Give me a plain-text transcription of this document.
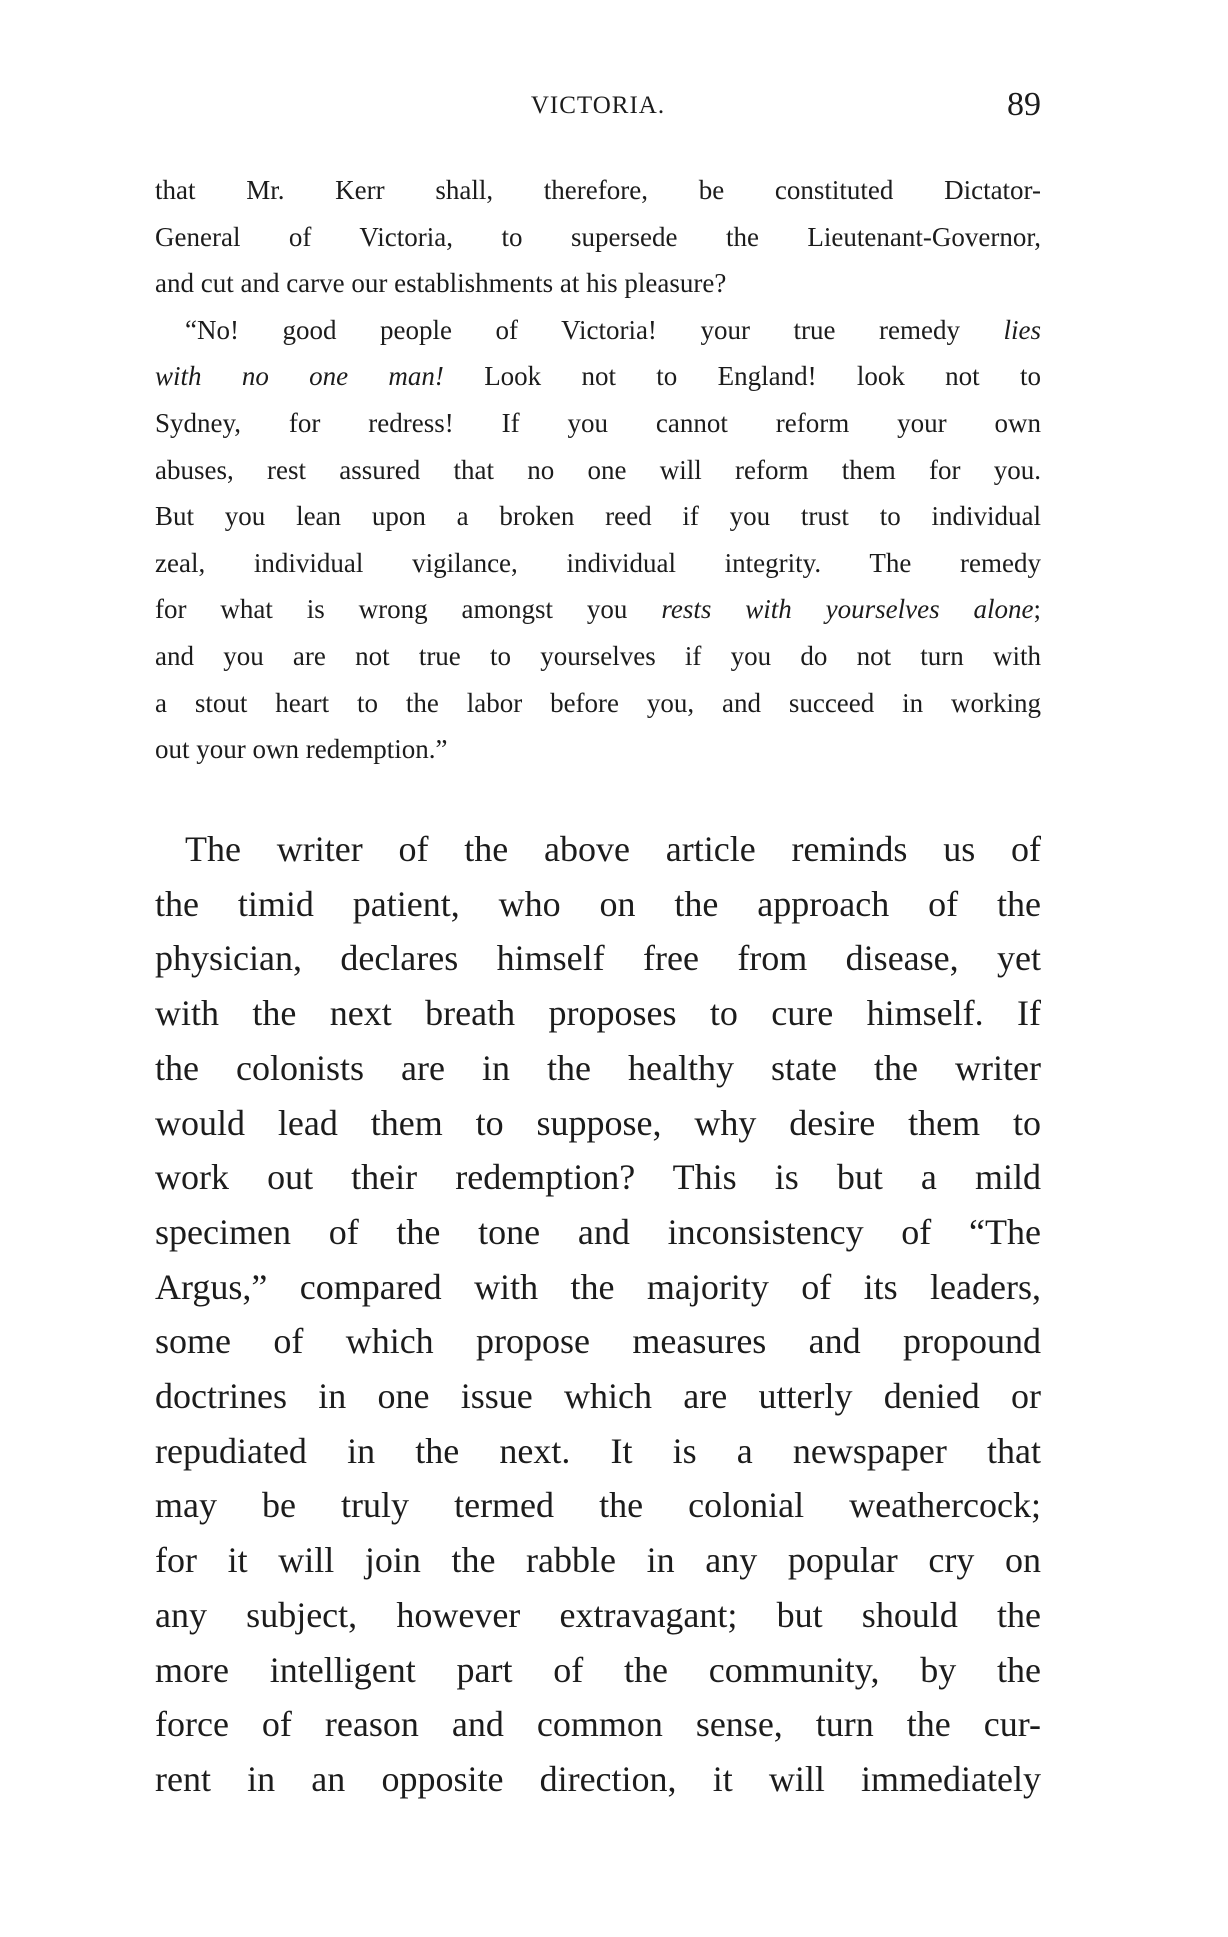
VICTORIA.	89
that Mr. Kerr shall, therefore, be constituted Dictator-
General of Victoria, to supersede the Lieutenant-Governor,
and cut and carve our establishments at his pleasure?
“No! good people of Victoria! your true remedy lies
with no one man! Look not to England! look not to
Sydney, for redress! If you cannot reform your own
abuses, rest assured that no one will reform them for you.
But you lean upon a broken reed if you trust to individual
zeal, individual vigilance, individual integrity. The remedy
for what is wrong amongst you rests with yourselves alone;
and you are not true to yourselves if you do not turn with
a stout heart to the labor before you, and succeed in working
out your own redemption.”
The writer of the above article reminds us of
the timid patient, who on the approach of the
physician, declares himself free from disease, yet
with the next breath proposes to cure himself. If
the colonists are in the healthy state the writer
would lead them to suppose, why desire them to
work out their redemption? This is but a mild
specimen of the tone and inconsistency of “The
Argus,” compared with the majority of its leaders,
some of which propose measures and propound
doctrines in one issue which are utterly denied or
repudiated in the next. It is a newspaper that
may be truly termed the colonial weathercock;
for it will join the rabble in any popular cry on
any subject, however extravagant; but should the
more intelligent part of the community, by the
force of reason and common sense, turn the cur-
rent in an opposite direction, it will immediately
